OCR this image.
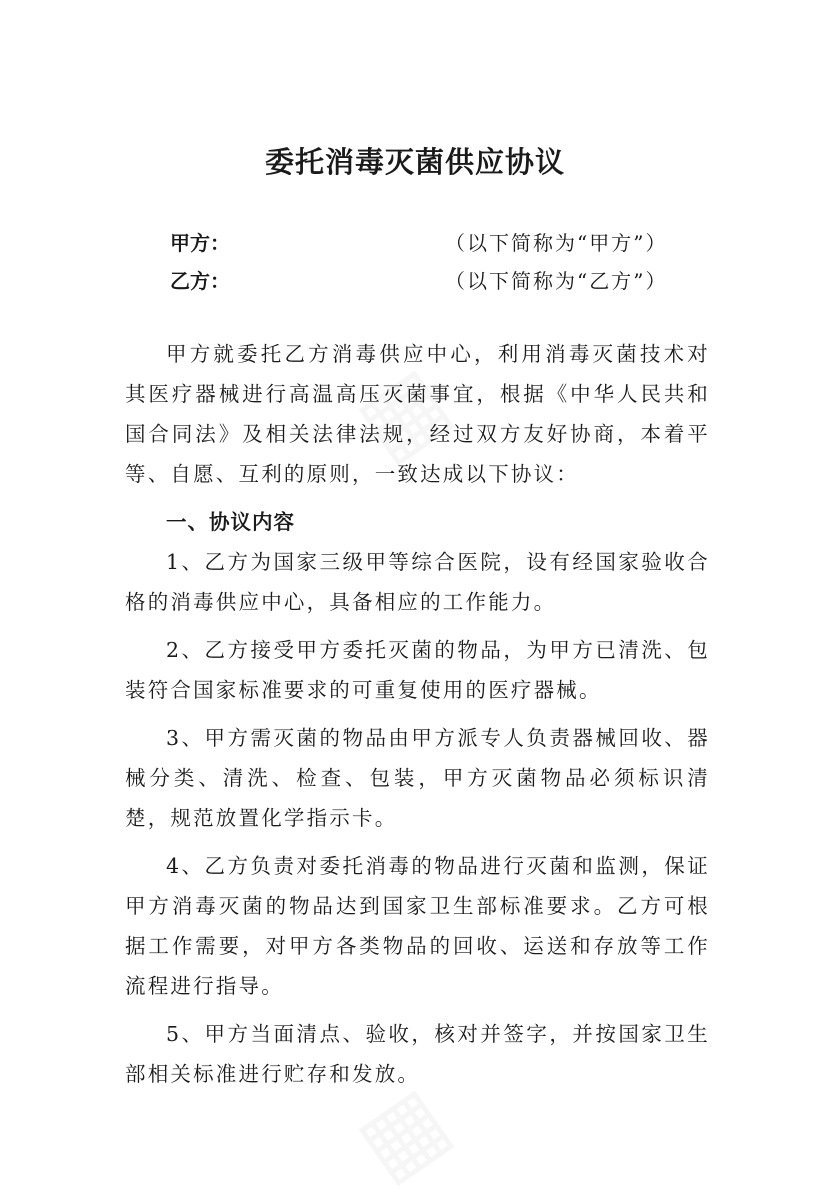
委托消毒灭菌供应协议
甲方：	（以下简称为“甲方”）
乙方：	（以下简称为“乙方”）

甲方就委托乙方消毒供应中心，利用消毒灭菌技术对其医疗器械进行高温高压灭菌事宜，根据《中华人民共和国合同法》及相关法律法规，经过双方友好协商，本着平等、自愿、互利的原则，一致达成以下协议：

一、协议内容

1、乙方为国家三级甲等综合医院，设有经国家验收合格的消毒供应中心，具备相应的工作能力。

2、乙方接受甲方委托灭菌的物品，为甲方已清洗、包装符合国家标准要求的可重复使用的医疗器械。

3、甲方需灭菌的物品由甲方派专人负责器械回收、器械分类、清洗、检查、包装，甲方灭菌物品必须标识清楚，规范放置化学指示卡。

4、乙方负责对委托消毒的物品进行灭菌和监测，保证甲方消毒灭菌的物品达到国家卫生部标准要求。乙方可根据工作需要，对甲方各类物品的回收、运送和存放等工作流程进行指导。

5、甲方当面清点、验收，核对并签字，并按国家卫生部相关标准进行贮存和发放。
